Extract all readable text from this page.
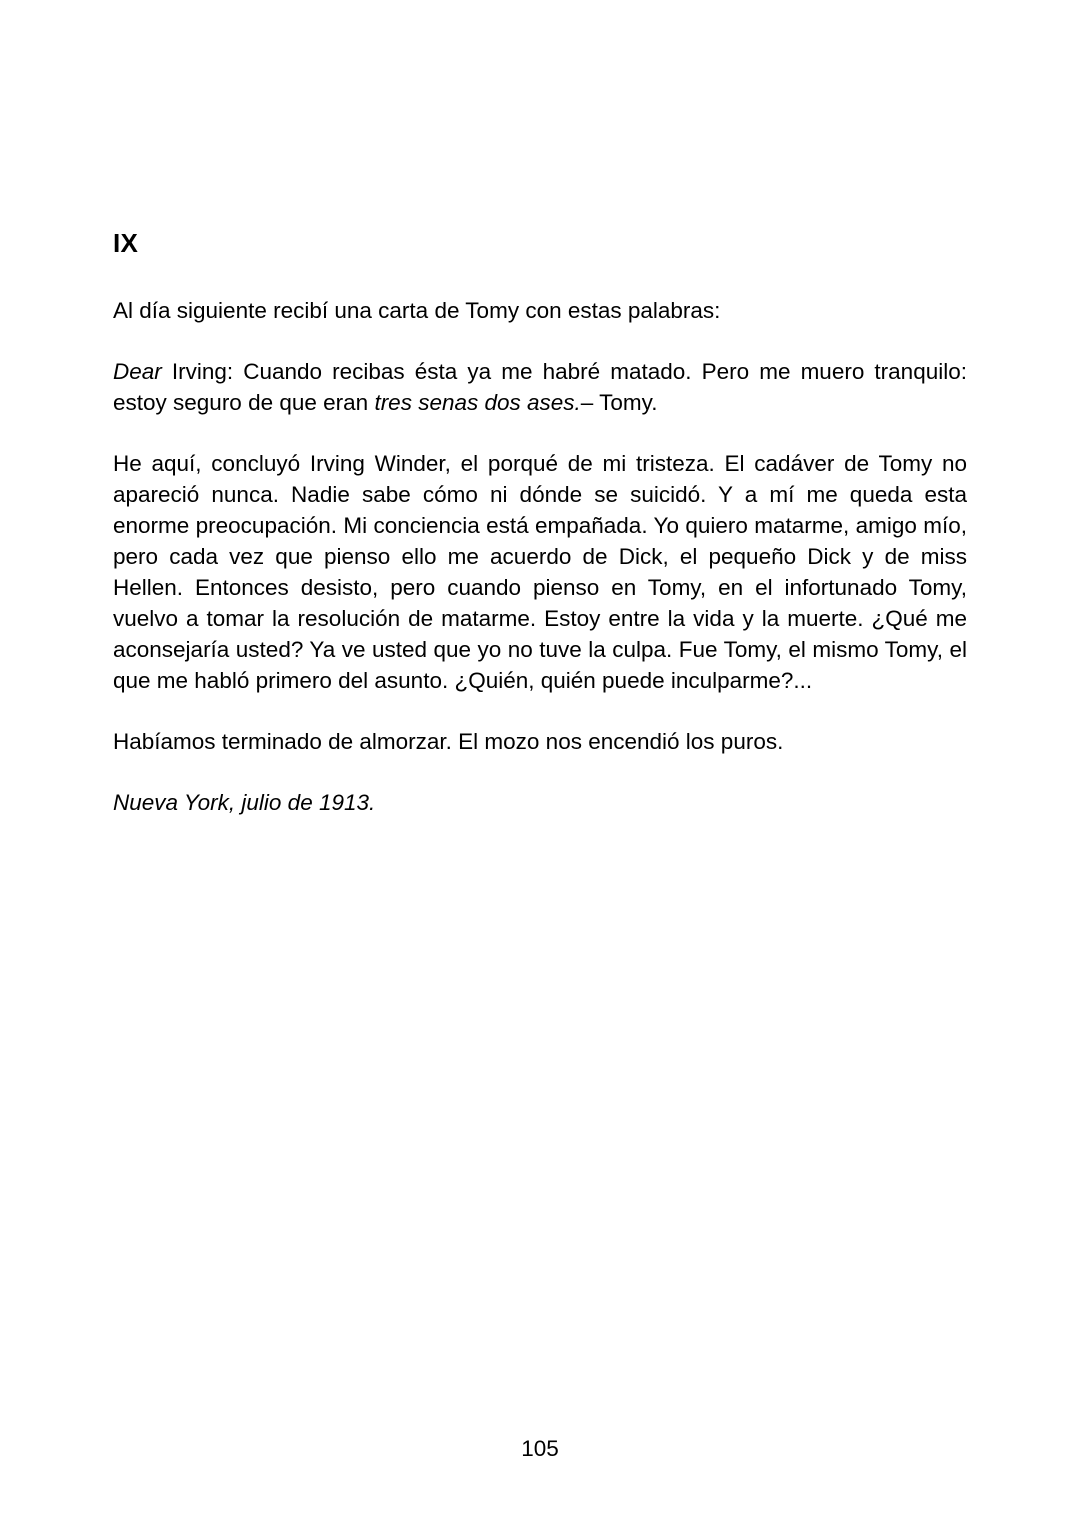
IX

Al día siguiente recibí una carta de Tomy con estas palabras:

Dear Irving: Cuando recibas ésta ya me habré matado. Pero me muero tranquilo: estoy seguro de que eran tres senas dos ases.– Tomy.

He aquí, concluyó Irving Winder, el porqué de mi tristeza. El cadáver de Tomy no apareció nunca. Nadie sabe cómo ni dónde se suicidó. Y a mí me queda esta enorme preocupación. Mi conciencia está empañada. Yo quiero matarme, amigo mío, pero cada vez que pienso ello me acuerdo de Dick, el pequeño Dick y de miss Hellen. Entonces desisto, pero cuando pienso en Tomy, en el infortunado Tomy, vuelvo a tomar la resolución de matarme. Estoy entre la vida y la muerte. ¿Qué me aconsejaría usted? Ya ve usted que yo no tuve la culpa. Fue Tomy, el mismo Tomy, el que me habló primero del asunto. ¿Quién, quién puede inculparme?...

Habíamos terminado de almorzar. El mozo nos encendió los puros.

Nueva York, julio de 1913.

105
